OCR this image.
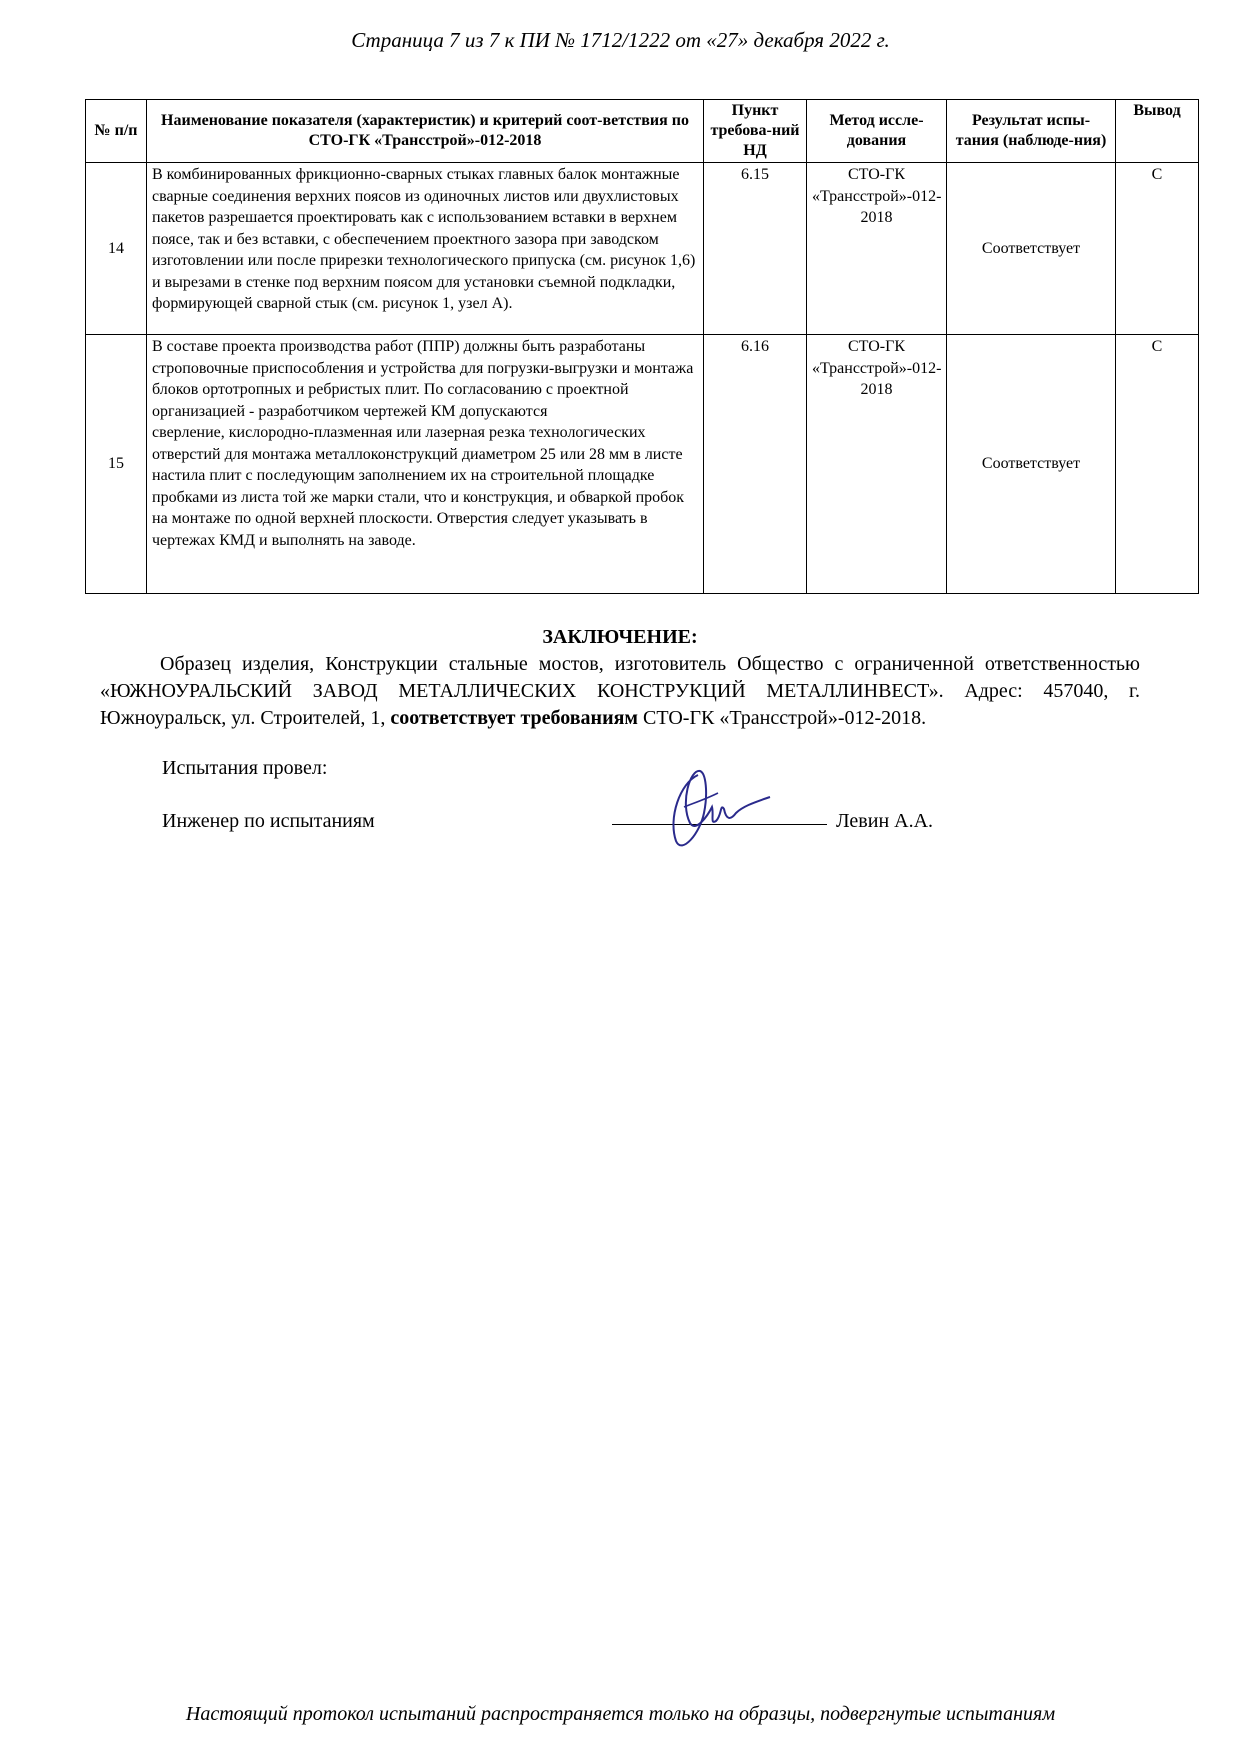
Страница 7 из 7 к ПИ № 1712/1222 от «27» декабря 2022 г.
№ п/п	Наименование показателя (характеристик) и критерий соот-ветствия по СТО-ГК «Трансстрой»-012-2018	Пункт требова-ний НД	Метод иссле-дования	Результат испы-тания (наблюде-ния)	Вывод
14	В комбинированных фрикционно-сварных стыках главных балок монтажные сварные соединения верхних поясов из одиночных листов или двухлистовых пакетов разрешается проектировать как с использованием вставки в верхнем поясе, так и без вставки, с обеспечением проектного зазора при заводском изготовлении или после прирезки технологического припуска (см. рисунок 1,6) и вырезами в стенке под верхним поясом для установки съемной подкладки, формирующей сварной стык (см. рисунок 1, узел А).	6.15	СТО-ГК «Трансстрой»-012-2018	Соответствует	С
15	В составе проекта производства работ (ППР) должны быть разработаны строповочные приспособления и устройства для погрузки-выгрузки и монтажа блоков ортотропных и ребристых плит. По согласованию с проектной организацией - разработчиком чертежей КМ допускаются
сверление, кислородно-плазменная или лазерная резка технологических отверстий для монтажа металлоконструкций диаметром 25 или 28 мм в листе настила плит с последующим заполнением их на строительной площадке пробками из листа той же марки стали, что и конструкция, и обваркой пробок на монтаже по одной верхней плоскости. Отверстия следует указывать в чертежах КМД и выполнять на заводе.	6.16	СТО-ГК «Трансстрой»-012-2018	Соответствует	С
ЗАКЛЮЧЕНИЕ:
Образец изделия, Конструкции стальные мостов, изготовитель Общество с ограниченной ответственностью «ЮЖНОУРАЛЬСКИЙ ЗАВОД МЕТАЛЛИЧЕСКИХ КОНСТРУКЦИЙ МЕТАЛЛИНВЕСТ». Адрес: 457040, г. Южноуральск, ул. Строителей, 1, соответствует требованиям СТО-ГК «Трансстрой»-012-2018.
Испытания провел:
Инженер по испытаниям	Левин А.А.
Настоящий протокол испытаний распространяется только на образцы, подвергнутые испытаниям
